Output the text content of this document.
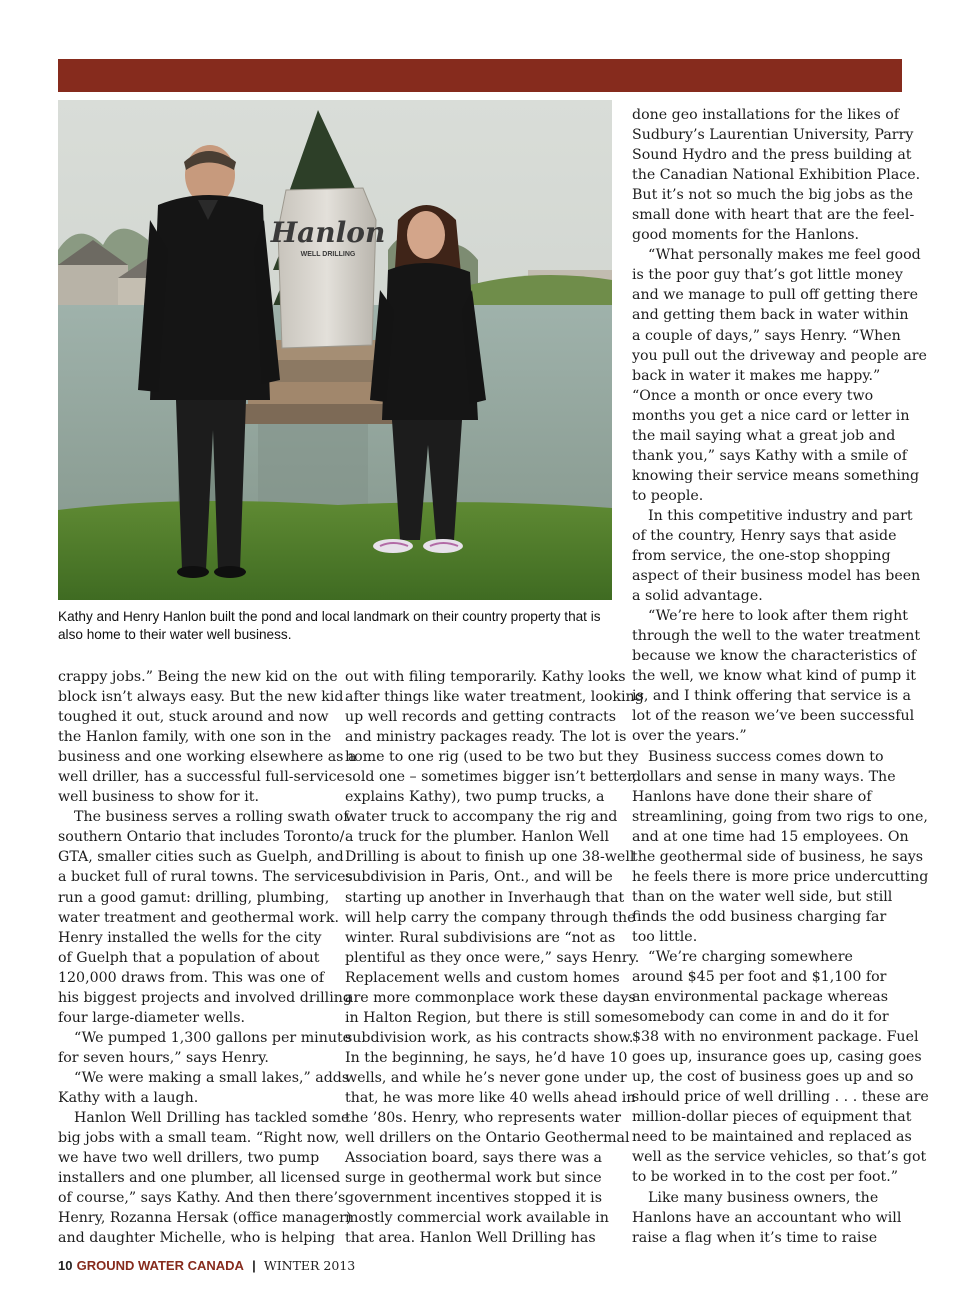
Hanlon
WELL DRILLING
Kathy and Henry Hanlon built the pond and local landmark on their country property that is also home to their water well business.

crappy jobs.” Being the new kid on the

block isn’t always easy. But the new kid

toughed it out, stuck around and now

the Hanlon family, with one son in the

business and one working elsewhere as a

well driller, has a successful full-service

well business to show for it.

The business serves a rolling swath of

southern Ontario that includes Toronto/

GTA, smaller cities such as Guelph, and

a bucket full of rural towns. The services

run a good gamut: drilling, plumbing,

water treatment and geothermal work.

Henry installed the wells for the city

of Guelph that a population of about

120,000 draws from. This was one of

his biggest projects and involved drilling

four large-diameter wells.

“We pumped 1,300 gallons per minute

for seven hours,” says Henry.

“We were making a small lakes,” adds

Kathy with a laugh.

Hanlon Well Drilling has tackled some

big jobs with a small team. “Right now,

we have two well drillers, two pump

installers and one plumber, all licensed

of course,” says Kathy. And then there’s

Henry, Rozanna Hersak (office manager)

and daughter Michelle, who is helping

out with filing temporarily. Kathy looks

after things like water treatment, looking

up well records and getting contracts

and ministry packages ready. The lot is

home to one rig (used to be two but they

sold one – sometimes bigger isn’t better,

explains Kathy), two pump trucks, a

water truck to accompany the rig and

a truck for the plumber. Hanlon Well

Drilling is about to finish up one 38-well

subdivision in Paris, Ont., and will be

starting up another in Inverhaugh that

will help carry the company through the

winter. Rural subdivisions are “not as

plentiful as they once were,” says Henry.

Replacement wells and custom homes

are more commonplace work these days

in Halton Region, but there is still some

subdivision work, as his contracts show.

In the beginning, he says, he’d have 10

wells, and while he’s never gone under

that, he was more like 40 wells ahead in

the ’80s. Henry, who represents water

well drillers on the Ontario Geothermal

Association board, says there was a

surge in geothermal work but since

government incentives stopped it is

mostly commercial work available in

that area. Hanlon Well Drilling has

done geo installations for the likes of

Sudbury’s Laurentian University, Parry

Sound Hydro and the press building at

the Canadian National Exhibition Place.

But it’s not so much the big jobs as the

small done with heart that are the feel-

good moments for the Hanlons.

“What personally makes me feel good

is the poor guy that’s got little money

and we manage to pull off getting there

and getting them back in water within

a couple of days,” says Henry. “When

you pull out the driveway and people are

back in water it makes me happy.”

“Once a month or once every two

months you get a nice card or letter in

the mail saying what a great job and

thank you,” says Kathy with a smile of

knowing their service means something

to people.

In this competitive industry and part

of the country, Henry says that aside

from service, the one-stop shopping

aspect of their business model has been

a solid advantage.

“We’re here to look after them right

through the well to the water treatment

because we know the characteristics of

the well, we know what kind of pump it

is, and I think offering that service is a

lot of the reason we’ve been successful

over the years.”

Business success comes down to

dollars and sense in many ways. The

Hanlons have done their share of

streamlining, going from two rigs to one,

and at one time had 15 employees. On

the geothermal side of business, he says

he feels there is more price undercutting

than on the water well side, but still

finds the odd business charging far

too little.

“We’re charging somewhere

around $45 per foot and $1,100 for

an environmental package whereas

somebody can come in and do it for

$38 with no environment package. Fuel

goes up, insurance goes up, casing goes

up, the cost of business goes up and so

should price of well drilling . . . these are

million-dollar pieces of equipment that

need to be maintained and replaced as

well as the service vehicles, so that’s got

to be worked in to the cost per foot.”

Like many business owners, the

Hanlons have an accountant who will

raise a flag when it’s time to raise

10 GROUND WATER CANADA | WINTER 2013
